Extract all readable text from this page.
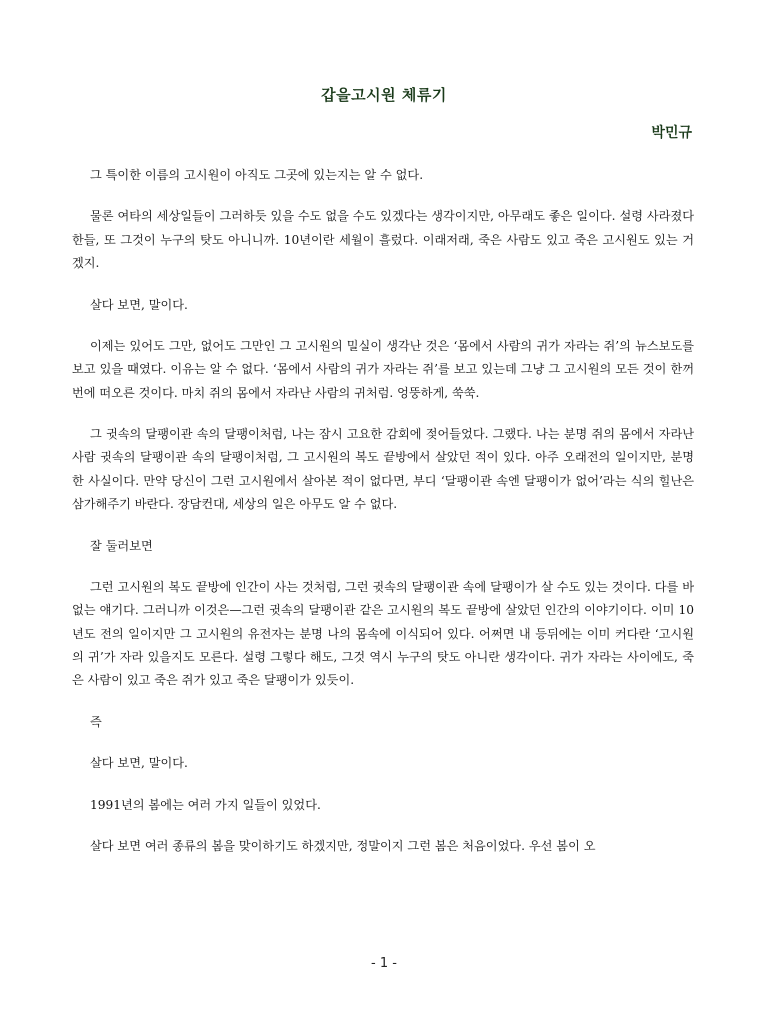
갑을고시원 체류기
박민규

그 특이한 이름의 고시원이 아직도 그곳에 있는지는 알 수 없다.

물론 여타의 세상일들이 그러하듯 있을 수도 없을 수도 있겠다는 생각이지만, 아무래도 좋은 일이다. 설령 사라졌다 한들, 또 그것이 누구의 탓도 아니니까. 10년이란 세월이 흘렀다. 이래저래, 죽은 사람도 있고 죽은 고시원도 있는 거겠지.

살다 보면, 말이다.

이제는 있어도 그만, 없어도 그만인 그 고시원의 밀실이 생각난 것은 ‘몸에서 사람의 귀가 자라는 쥐’의 뉴스보도를 보고 있을 때였다. 이유는 알 수 없다. ‘몸에서 사람의 귀가 자라는 쥐’를 보고 있는데 그냥 그 고시원의 모든 것이 한꺼번에 떠오른 것이다. 마치 쥐의 몸에서 자라난 사람의 귀처럼. 엉뚱하게, 쑥쑥.

그 귓속의 달팽이관 속의 달팽이처럼, 나는 잠시 고요한 감회에 젖어들었다. 그랬다. 나는 분명 쥐의 몸에서 자라난 사람 귓속의 달팽이관 속의 달팽이처럼, 그 고시원의 복도 끝방에서 살았던 적이 있다. 아주 오래전의 일이지만, 분명한 사실이다. 만약 당신이 그런 고시원에서 살아본 적이 없다면, 부디 ‘달팽이관 속엔 달팽이가 없어’라는 식의 힐난은 삼가해주기 바란다. 장담컨대, 세상의 일은 아무도 알 수 없다.

잘 둘러보면

그런 고시원의 복도 끝방에 인간이 사는 것처럼, 그런 귓속의 달팽이관 속에 달팽이가 살 수도 있는 것이다. 다를 바 없는 얘기다. 그러니까 이것은—그런 귓속의 달팽이관 같은 고시원의 복도 끝방에 살았던 인간의 이야기이다. 이미 10년도 전의 일이지만 그 고시원의 유전자는 분명 나의 몸속에 이식되어 있다. 어쩌면 내 등뒤에는 이미 커다란 ‘고시원의 귀’가 자라 있을지도 모른다. 설령 그렇다 해도, 그것 역시 누구의 탓도 아니란 생각이다. 귀가 자라는 사이에도, 죽은 사람이 있고 죽은 쥐가 있고 죽은 달팽이가 있듯이.

즉

살다 보면, 말이다.

1991년의 봄에는 여러 가지 일들이 있었다.

살다 보면 여러 종류의 봄을 맞이하기도 하겠지만, 정말이지 그런 봄은 처음이었다. 우선 봄이 오

- 1 -
